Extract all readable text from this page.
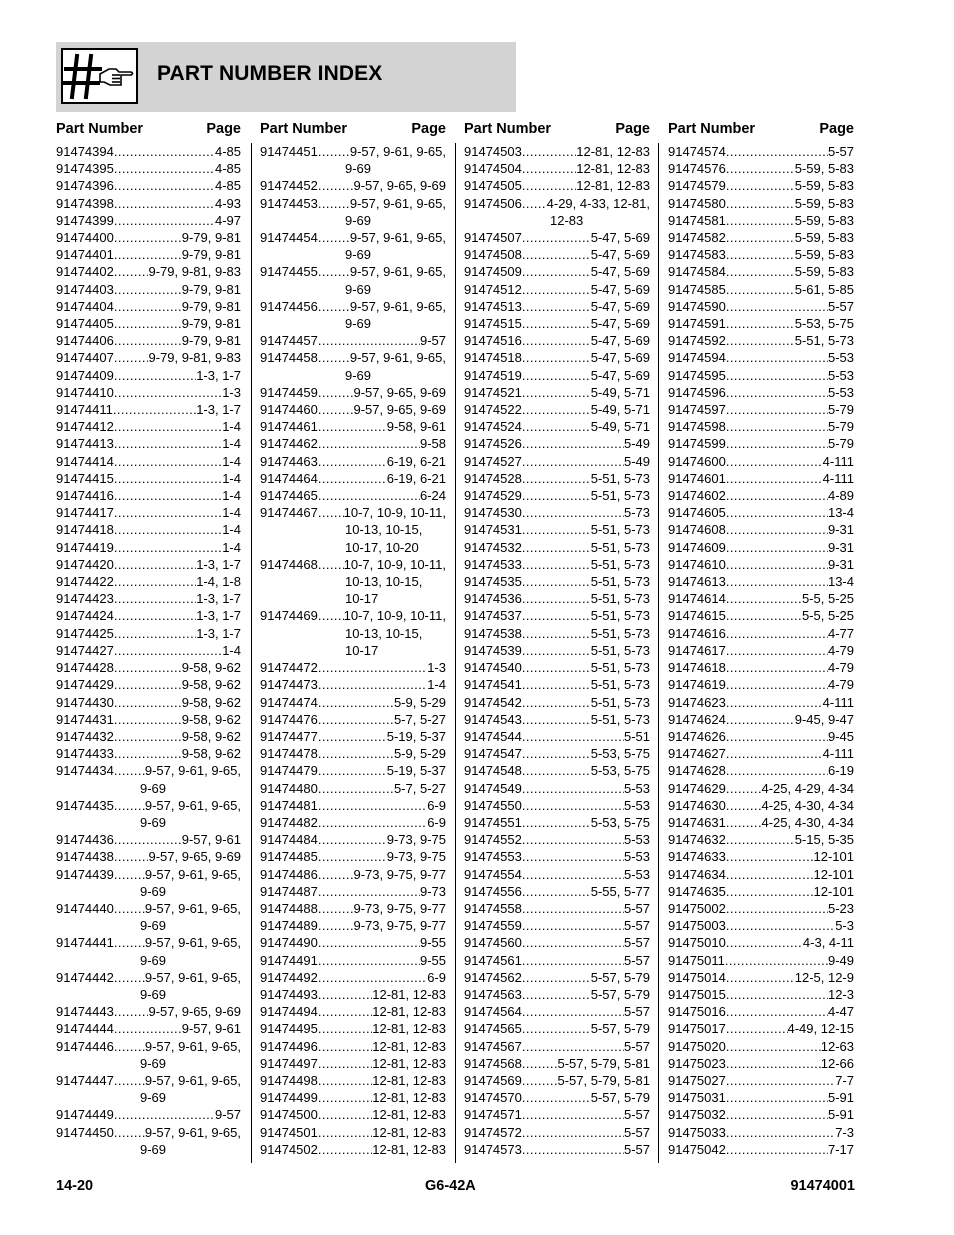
PART NUMBER INDEX
Part Number	Page
91474394 .....	4-85
91474395 .....	4-85
91474396 .....	4-85
91474398 .....	4-93
91474399 .....	4-97
91474400 .....	9-79, 9-81
91474401 .....	9-79, 9-81
91474402 .....	9-79, 9-81, 9-83
91474403 .....	9-79, 9-81
91474404 .....	9-79, 9-81
91474405 .....	9-79, 9-81
91474406 .....	9-79, 9-81
91474407 .....	9-79, 9-81, 9-83
91474409 .....	1-3, 1-7
91474410 .....	1-3
91474411 .....	1-3, 1-7
91474412 .....	1-4
91474413 .....	1-4
91474414 .....	1-4
91474415 .....	1-4
91474416 .....	1-4
91474417 .....	1-4
91474418 .....	1-4
91474419 .....	1-4
91474420 .....	1-3, 1-7
91474422 .....	1-4, 1-8
91474423 .....	1-3, 1-7
91474424 .....	1-3, 1-7
91474425 .....	1-3, 1-7
91474427 .....	1-4
91474428 .....	9-58, 9-62
91474429 .....	9-58, 9-62
91474430 .....	9-58, 9-62
91474431 .....	9-58, 9-62
91474432 .....	9-58, 9-62
91474433 .....	9-58, 9-62
91474434 ..... 9-57, 9-61, 9-65,
9-69
91474435 ..... 9-57, 9-61, 9-65,
9-69
91474436 .....	9-57, 9-61
91474438 .....	9-57, 9-65, 9-69
91474439 ..... 9-57, 9-61, 9-65,
9-69
91474440 ..... 9-57, 9-61, 9-65,
9-69
91474441 ..... 9-57, 9-61, 9-65,
9-69
91474442 ..... 9-57, 9-61, 9-65,
9-69
91474443 .....	9-57, 9-65, 9-69
91474444 .....	9-57, 9-61
91474446 ..... 9-57, 9-61, 9-65,
9-69
91474447 ..... 9-57, 9-61, 9-65,
9-69
91474449 .....	9-57
91474450 ..... 9-57, 9-61, 9-65,
9-69
Part Number	Page
91474451 ..... 9-57, 9-61, 9-65,
9-69
91474452 .....	9-57, 9-65, 9-69
91474453 ..... 9-57, 9-61, 9-65,
9-69
91474454 ..... 9-57, 9-61, 9-65,
9-69
91474455 ..... 9-57, 9-61, 9-65,
9-69
91474456 ..... 9-57, 9-61, 9-65,
9-69
91474457 .....	9-57
91474458 ..... 9-57, 9-61, 9-65,
9-69
91474459 .....	9-57, 9-65, 9-69
91474460 .....	9-57, 9-65, 9-69
91474461 .....	9-58, 9-61
91474462 .....	9-58
91474463 .....	6-19, 6-21
91474464 .....	6-19, 6-21
91474465 .....	6-24
91474467 ..... 10-7, 10-9, 10-11,
10-13, 10-15,
10-17, 10-20
91474468 ..... 10-7, 10-9, 10-11,
10-13, 10-15,
10-17
91474469 ..... 10-7, 10-9, 10-11,
10-13, 10-15,
10-17
91474472 .....	1-3
91474473 .....	1-4
91474474 .....	5-9, 5-29
91474476 .....	5-7, 5-27
91474477 .....	5-19, 5-37
91474478 .....	5-9, 5-29
91474479 .....	5-19, 5-37
91474480 .....	5-7, 5-27
91474481 .....	6-9
91474482 .....	6-9
91474484 .....	9-73, 9-75
91474485 .....	9-73, 9-75
91474486 .....	9-73, 9-75, 9-77
91474487 .....	9-73
91474488 .....	9-73, 9-75, 9-77
91474489 .....	9-73, 9-75, 9-77
91474490 .....	9-55
91474491 .....	9-55
91474492 .....	6-9
91474493 .....	12-81, 12-83
91474494 .....	12-81, 12-83
91474495 .....	12-81, 12-83
91474496 .....	12-81, 12-83
91474497 .....	12-81, 12-83
91474498 .....	12-81, 12-83
91474499 .....	12-81, 12-83
91474500 .....	12-81, 12-83
91474501 .....	12-81, 12-83
91474502 .....	12-81, 12-83
Part Number	Page
91474503 .....	12-81, 12-83
91474504 .....	12-81, 12-83
91474505 .....	12-81, 12-83
91474506 ..... 4-29, 4-33, 12-81,
12-83
91474507 .....	5-47, 5-69
91474508 .....	5-47, 5-69
91474509 .....	5-47, 5-69
91474512 .....	5-47, 5-69
91474513 .....	5-47, 5-69
91474515 .....	5-47, 5-69
91474516 .....	5-47, 5-69
91474518 .....	5-47, 5-69
91474519 .....	5-47, 5-69
91474521 .....	5-49, 5-71
91474522 .....	5-49, 5-71
91474524 .....	5-49, 5-71
91474526 .....	5-49
91474527 .....	5-49
91474528 .....	5-51, 5-73
91474529 .....	5-51, 5-73
91474530 .....	5-73
91474531 .....	5-51, 5-73
91474532 .....	5-51, 5-73
91474533 .....	5-51, 5-73
91474535 .....	5-51, 5-73
91474536 .....	5-51, 5-73
91474537 .....	5-51, 5-73
91474538 .....	5-51, 5-73
91474539 .....	5-51, 5-73
91474540 .....	5-51, 5-73
91474541 .....	5-51, 5-73
91474542 .....	5-51, 5-73
91474543 .....	5-51, 5-73
91474544 .....	5-51
91474547 .....	5-53, 5-75
91474548 .....	5-53, 5-75
91474549 .....	5-53
91474550 .....	5-53
91474551 .....	5-53, 5-75
91474552 .....	5-53
91474553 .....	5-53
91474554 .....	5-53
91474556 .....	5-55, 5-77
91474558 .....	5-57
91474559 .....	5-57
91474560 .....	5-57
91474561 .....	5-57
91474562 .....	5-57, 5-79
91474563 .....	5-57, 5-79
91474564 .....	5-57
91474565 .....	5-57, 5-79
91474567 .....	5-57
91474568 .....	5-57, 5-79, 5-81
91474569 .....	5-57, 5-79, 5-81
91474570 .....	5-57, 5-79
91474571 .....	5-57
91474572 .....	5-57
91474573 .....	5-57
Part Number	Page
91474574 .....	5-57
91474576 .....	5-59, 5-83
91474579 .....	5-59, 5-83
91474580 .....	5-59, 5-83
91474581 .....	5-59, 5-83
91474582 .....	5-59, 5-83
91474583 .....	5-59, 5-83
91474584 .....	5-59, 5-83
91474585 .....	5-61, 5-85
91474590 .....	5-57
91474591 .....	5-53, 5-75
91474592 .....	5-51, 5-73
91474594 .....	5-53
91474595 .....	5-53
91474596 .....	5-53
91474597 .....	5-79
91474598 .....	5-79
91474599 .....	5-79
91474600 .....	4-111
91474601 .....	4-111
91474602 .....	4-89
91474605 .....	13-4
91474608 .....	9-31
91474609 .....	9-31
91474610 .....	9-31
91474613 .....	13-4
91474614 .....	5-5, 5-25
91474615 .....	5-5, 5-25
91474616 .....	4-77
91474617 .....	4-79
91474618 .....	4-79
91474619 .....	4-79
91474623 .....	4-111
91474624 .....	9-45, 9-47
91474626 .....	9-45
91474627 .....	4-111
91474628 .....	6-19
91474629 .....	4-25, 4-29, 4-34
91474630 .....	4-25, 4-30, 4-34
91474631 .....	4-25, 4-30, 4-34
91474632 .....	5-15, 5-35
91474633 .....	12-101
91474634 .....	12-101
91474635 .....	12-101
91475002 .....	5-23
91475003 .....	5-3
91475010 .....	4-3, 4-11
91475011 .....	9-49
91475014 .....	12-5, 12-9
91475015 .....	12-3
91475016 .....	4-47
91475017 .....	4-49, 12-15
91475020 .....	12-63
91475023 .....	12-66
91475027 .....	7-7
91475031 .....	5-91
91475032 .....	5-91
91475033 .....	7-3
91475042 .....	7-17
14-20	G6-42A	91474001
